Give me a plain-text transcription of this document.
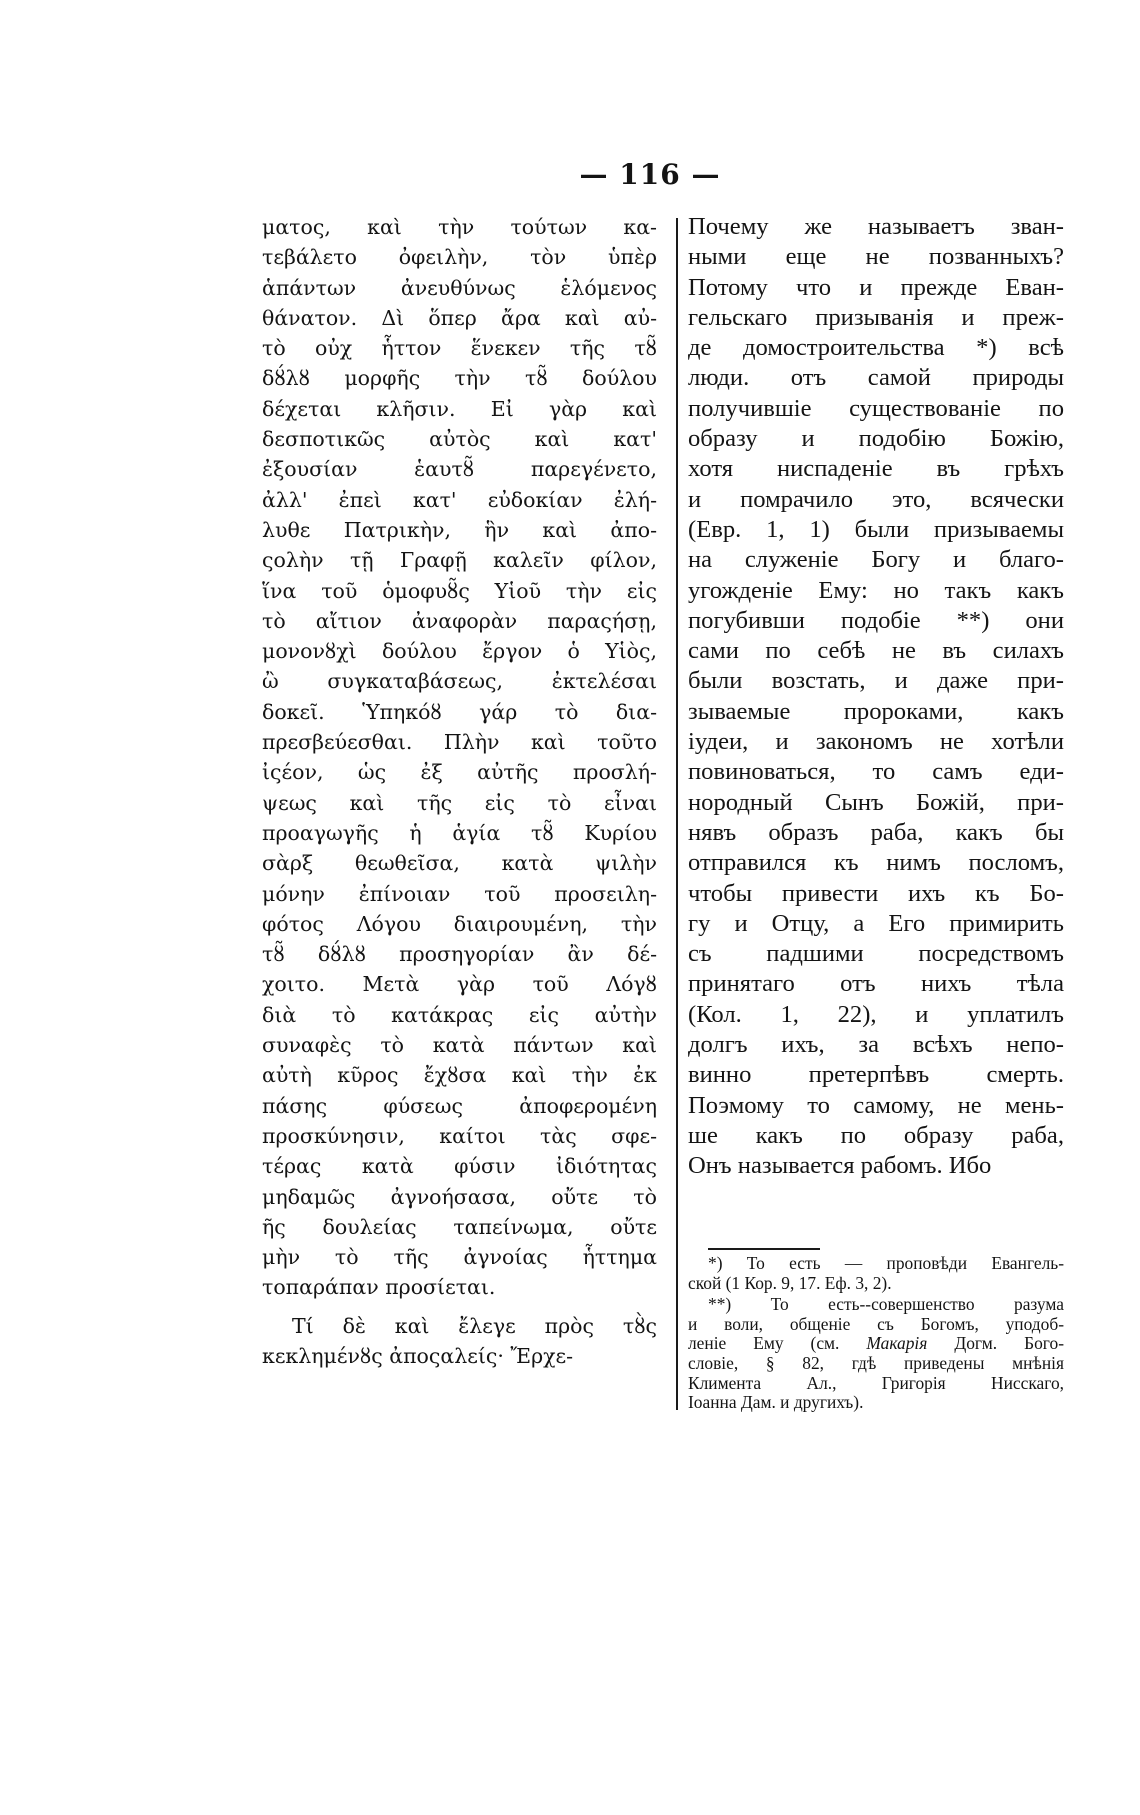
— 116 —
ματος, καὶ τὴν τούτων κα-
τεβάλετο ὀφειλὴν, τὸν ὑπὲρ
ἁπάντων ἀνευθύνως ἑλόμενος
θάνατον. Δὶ ὅπερ ἄρα καὶ αὐ-
τὸ οὐχ ἧττον ἕνεκεν τῆς τȣ̃
δȣ́λȣ μορφῆς τὴν τȣ̃ δούλου
δέχεται κλῆσιν. Εἰ γὰρ καὶ
δεσποτικῶς αὐτὸς καὶ κατ'
ἐξουσίαν ἑαυτȣ̃ παρεγένετο,
ἀλλ' ἐπεὶ κατ' εὐδοκίαν ἐλή-
λυθε Πατρικὴν, ἣν καὶ ἀπο-
ςολὴν τῇ Γραφῇ καλεῖν φίλον,
ἵνα τοῦ ὁμοφυȣ̃ς Υἱοῦ τὴν εἰς
τὸ αἴτιον ἀναφορὰν παραςήσῃ,
μονονȣχὶ δούλου ἔργον ὁ Υἱὸς,
ὢ συγκαταβάσεως, ἐκτελέσαι
δοκεῖ. Ὑπηκόȣ γάρ τὸ δια-
πρεσβεύεσθαι. Πλὴν καὶ τοῦτο
ἰςέον, ὡς ἐξ αὐτῆς προσλή-
ψεως καὶ τῆς εἰς τὸ εἶναι
προαγωγῆς ἡ ἁγία τȣ̃ Κυρίου
σὰρξ θεωθεῖσα, κατὰ ψιλὴν
μόνην ἐπίνοιαν τοῦ προσειλη-
φότος Λόγου διαιρουμένη, τὴν
τȣ̃ δȣ́λȣ προσηγορίαν ἂν δέ-
χοιτο. Μετὰ γὰρ τοῦ Λόγȣ
διὰ τὸ κατάκρας εἰς αὐτὴν
συναφὲς τὸ κατὰ πάντων καὶ
αὐτὴ κῦρος ἔχȣσα καὶ τὴν ἐκ
πάσης φύσεως ἀποφερομένη
προσκύνησιν, καίτοι τὰς σφε-
τέρας κατὰ φύσιν ἰδιότητας
μηδαμῶς ἀγνοήσασα, οὔτε τὸ
ῆς δουλείας ταπείνωμα, οὔτε
μὴν τὸ τῆς ἀγνοίας ἧττημα
τοπαράπαν προσίεται.
Τί δὲ καὶ ἔλεγε πρὸς τȣ̀ς
κεκλημένȣς ἀποςαλείς· Ἔρχε-
Почему же называетъ зван-
ными еще не позванныхъ?
Потому что и прежде Еван-
гельскаго призыванія и преж-
де домостроительства *) всѣ
люди. отъ самой природы
получившіе существованіе по
образу и подобію Божію,
хотя ниспаденіе въ грѣхъ
и помрачило это, всячески
(Евр. 1, 1) были призываемы
на служеніе Богу и благо-
угожденіе Ему: но такъ какъ
погубивши подобіе **) они
сами по себѣ не въ силахъ
были возстать, и даже при-
зываемые пророками, какъ
іудеи, и закономъ не хотѣли
повиноваться, то самъ еди-
нородный Сынъ Божій, при-
нявъ образъ раба, какъ бы
отправился къ нимъ посломъ,
чтобы привести ихъ къ Бо-
гу и Отцу, а Его примирить
съ падшими посредствомъ
принятаго отъ нихъ тѣла
(Кол. 1, 22), и уплатилъ
долгъ ихъ, за всѣхъ непо-
винно претерпѣвъ смерть.
Поэмому то самому, не мень-
ше какъ по образу раба,
Онъ называется рабомъ. Ибо
*) То есть — проповѣди Евангель-
ской (1 Кор. 9, 17. Еф. 3, 2).
**) То есть--совершенство разума
и воли, общеніе съ Богомъ, уподоб-
леніе Ему (см. Макарія Догм. Бого-
словіе, § 82, гдѣ приведены мнѣнія
Климента Ал., Григорія Нисскаго,
Іоанна Дам. и другихъ).
